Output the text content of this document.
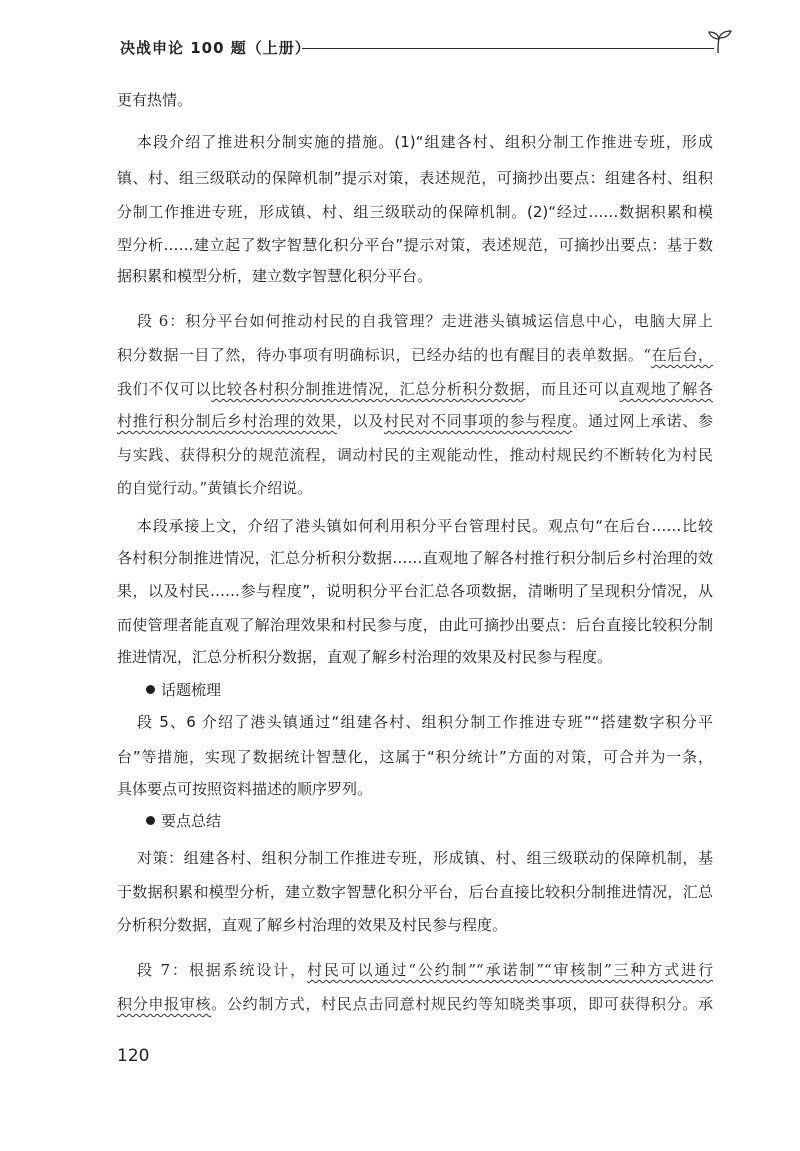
决战申论 100 题（上册）
更有热情。
本段介绍了推进积分制实施的措施。(1)“组建各村、组积分制工作推进专班，形成
镇、村、组三级联动的保障机制”提示对策，表述规范，可摘抄出要点：组建各村、组积
分制工作推进专班，形成镇、村、组三级联动的保障机制。(2)“经过……数据积累和模
型分析……建立起了数字智慧化积分平台”提示对策，表述规范，可摘抄出要点：基于数
据积累和模型分析，建立数字智慧化积分平台。
段 6：积分平台如何推动村民的自我管理？走进港头镇城运信息中心，电脑大屏上
积分数据一目了然，待办事项有明确标识，已经办结的也有醒目的表单数据。“在后台，
我们不仅可以比较各村积分制推进情况，汇总分析积分数据，而且还可以直观地了解各
村推行积分制后乡村治理的效果，以及村民对不同事项的参与程度。通过网上承诺、参
与实践、获得积分的规范流程，调动村民的主观能动性，推动村规民约不断转化为村民
的自觉行动。”黄镇长介绍说。
本段承接上文，介绍了港头镇如何利用积分平台管理村民。观点句“在后台……比较
各村积分制推进情况，汇总分析积分数据……直观地了解各村推行积分制后乡村治理的效
果，以及村民……参与程度”，说明积分平台汇总各项数据，清晰明了呈现积分情况，从
而使管理者能直观了解治理效果和村民参与度，由此可摘抄出要点：后台直接比较积分制
推进情况，汇总分析积分数据，直观了解乡村治理的效果及村民参与程度。
话题梳理
段 5、6 介绍了港头镇通过“组建各村、组积分制工作推进专班”“搭建数字积分平
台”等措施，实现了数据统计智慧化，这属于“积分统计”方面的对策，可合并为一条，
具体要点可按照资料描述的顺序罗列。
要点总结
对策：组建各村、组积分制工作推进专班，形成镇、村、组三级联动的保障机制，基
于数据积累和模型分析，建立数字智慧化积分平台，后台直接比较积分制推进情况，汇总
分析积分数据，直观了解乡村治理的效果及村民参与程度。
段 7：根据系统设计，村民可以通过“公约制”“承诺制”“审核制”三种方式进行
积分申报审核。公约制方式，村民点击同意村规民约等知晓类事项，即可获得积分。承
120
